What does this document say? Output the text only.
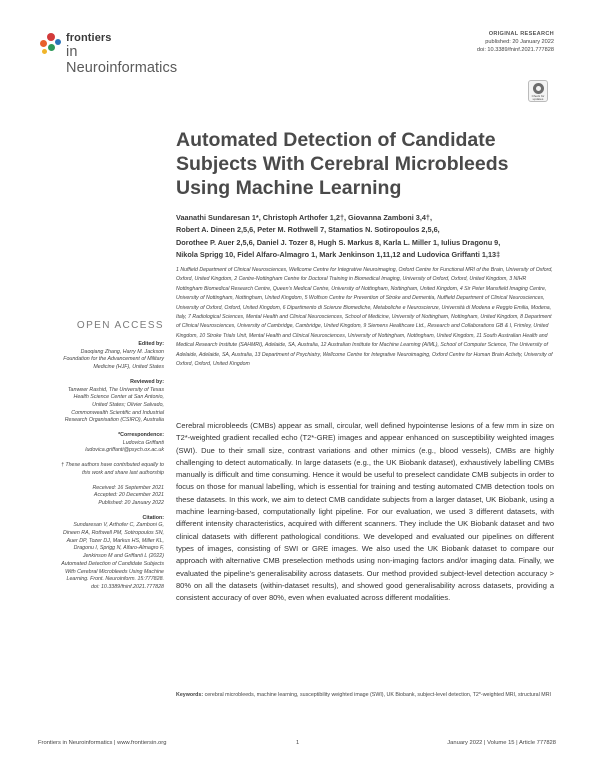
frontiers
in Neuroinformatics
ORIGINAL RESEARCH
published: 20 January 2022
doi: 10.3389/fninf.2021.777828
Check for updates
Automated Detection of Candidate Subjects With Cerebral Microbleeds Using Machine Learning
Vaanathi Sundaresan 1*, Christoph Arthofer 1,2†, Giovanna Zamboni 3,4†,
Robert A. Dineen 2,5,6, Peter M. Rothwell 7, Stamatios N. Sotiropoulos 2,5,6,
Dorothee P. Auer 2,5,6, Daniel J. Tozer 8, Hugh S. Markus 8, Karla L. Miller 1, Iulius Dragonu 9,
Nikola Sprigg 10, Fidel Alfaro-Almagro 1, Mark Jenkinson 1,11,12 and Ludovica Griffanti 1,13‡
1 Nuffield Department of Clinical Neurosciences, Wellcome Centre for Integrative Neuroimaging, Oxford Centre for Functional MRI of the Brain, University of Oxford, Oxford, United Kingdom, 2 Centre-Nottingham Centre for Doctoral Training in Biomedical Imaging, University of Oxford, Oxford, United Kingdom, 3 NIHR Nottingham Biomedical Research Centre, Queen's Medical Centre, University of Nottingham, Nottingham, United Kingdom, 4 Sir Peter Mansfield Imaging Centre, University of Nottingham, Nottingham, United Kingdom, 5 Wolfson Centre for Prevention of Stroke and Dementia, Nuffield Department of Clinical Neurosciences, University of Oxford, Oxford, United Kingdom, 6 Dipartimento di Scienze Biomediche, Metaboliche e Neuroscienze, Università di Modena e Reggio Emilia, Modena, Italy, 7 Radiological Sciences, Mental Health and Clinical Neurosciences, School of Medicine, University of Nottingham, Nottingham, United Kingdom, 8 Department of Clinical Neurosciences, University of Cambridge, Cambridge, United Kingdom, 9 Siemens Healthcare Ltd., Research and Collaborations GB & I, Frimley, United Kingdom, 10 Stroke Trials Unit, Mental Health and Clinical Neurosciences, University of Nottingham, Nottingham, United Kingdom, 11 South Australian Health and Medical Research Institute (SAHMRI), Adelaide, SA, Australia, 12 Australian Institute for Machine Learning (AIML), School of Computer Science, The University of Adelaide, Adelaide, SA, Australia, 13 Department of Psychiatry, Wellcome Centre for Integrative Neuroimaging, Oxford Centre for Human Brain Activity, University of Oxford, Oxford, United Kingdom
OPEN ACCESS
Edited by:
Daoqiang Zhang, Harry M. Jackson Foundation for the Advancement of Military Medicine (HJF), United States
Reviewed by:
Tanweer Rashid, The University of Texas Health Science Center at San Antonio, United States; Olivier Salvado, Commonwealth Scientific and Industrial Research Organisation (CSIRO), Australia
*Correspondence:
Ludovica Griffanti ludovica.griffanti@psych.ox.ac.uk
† These authors have contributed equally to this work and share last authorship
Received: 16 September 2021
Accepted: 20 December 2021
Published: 20 January 2022
Citation:
Sundaresan V, Arthofer C, Zamboni G, Dineen RA, Rothwell PM, Sotiropoulos SN, Auer DP, Tozer DJ, Markus HS, Miller KL, Dragonu I, Sprigg N, Alfaro-Almagro F, Jenkinson M and Griffanti L (2022) Automated Detection of Candidate Subjects With Cerebral Microbleeds Using Machine Learning. Front. Neuroinform. 15:777828. doi: 10.3389/fninf.2021.777828

Cerebral microbleeds (CMBs) appear as small, circular, well defined hypointense lesions of a few mm in size on T2*-weighted gradient recalled echo (T2*-GRE) images and appear enhanced on susceptibility weighted images (SWI). Due to their small size, contrast variations and other mimics (e.g., blood vessels), CMBs are highly challenging to detect automatically. In large datasets (e.g., the UK Biobank dataset), exhaustively labelling CMBs manually is difficult and time consuming. Hence it would be useful to preselect candidate CMB subjects in order to focus on those for manual labelling, which is essential for training and testing automated CMB detection tools on these datasets. In this work, we aim to detect CMB candidate subjects from a larger dataset, UK Biobank, using a machine learning-based, computationally light pipeline. For our evaluation, we used 3 different datasets, with different intensity characteristics, acquired with different scanners. They include the UK Biobank dataset and two clinical datasets with different pathological conditions. We developed and evaluated our pipelines on different types of images, consisting of SWI or GRE images. We also used the UK Biobank dataset to compare our approach with alternative CMB preselection methods using non-imaging factors and/or imaging data. Finally, we evaluated the pipeline's generalisability across datasets. Our method provided subject-level detection accuracy > 80% on all the datasets (within-dataset results), and showed good generalisability across datasets, providing a consistent accuracy of over 80%, even when evaluated across different modalities.

Keywords: cerebral microbleeds, machine learning, susceptibility weighted image (SWI), UK Biobank, subject-level detection, T2*-weighted MRI, structural MRI
Frontiers in Neuroinformatics | www.frontiersin.org	1	January 2022 | Volume 15 | Article 777828
